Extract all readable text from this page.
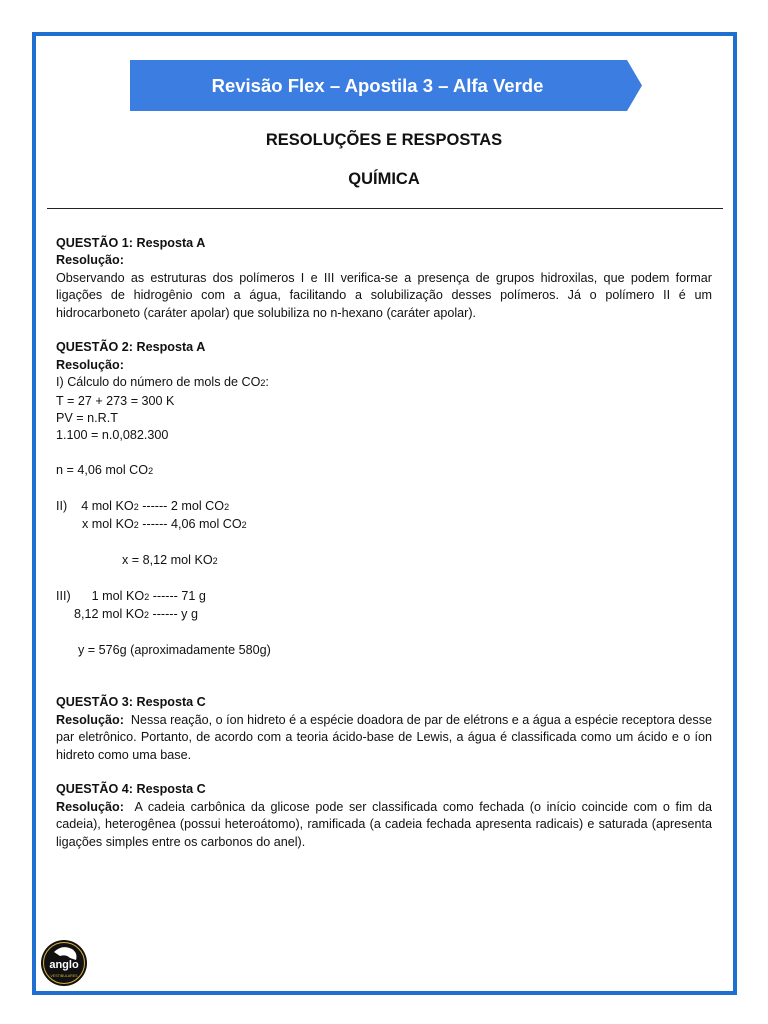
Revisão Flex – Apostila 3 – Alfa Verde
RESOLUÇÕES E RESPOSTAS
QUÍMICA

QUESTÃO 1: Resposta A

Resolução:

Observando as estruturas dos polímeros I e III verifica-se a presença de grupos hidroxilas, que podem formar ligações de hidrogênio com a água, facilitando a solubilização desses polímeros. Já o polímero II é um hidrocarboneto (caráter apolar) que solubiliza no n-hexano (caráter apolar).

QUESTÃO 2: Resposta A

Resolução:

I) Cálculo do número de mols de CO2:

T = 27 + 273 = 300 K

PV = n.R.T

1.100 = n.0,082.300

n = 4,06 mol CO2

II)    4 mol KO2 ------ 2 mol CO2

x mol KO2 ------ 4,06 mol CO2

x = 8,12 mol KO2

III)      1 mol KO2 ------ 71 g

8,12 mol KO2 ------ y g

y = 576g (aproximadamente 580g)

QUESTÃO 3: Resposta C

Resolução: Nessa reação, o íon hidreto é a espécie doadora de par de elétrons e a água a espécie receptora desse par eletrônico. Portanto, de acordo com a teoria ácido-base de Lewis, a água é classificada como um ácido e o íon hidreto como uma base.

QUESTÃO 4: Resposta C

Resolução: A cadeia carbônica da glicose pode ser classificada como fechada (o início coincide com o fim da cadeia), heterogênea (possui heteroátomo), ramificada (a cadeia fechada apresenta radicais) e saturada (apresenta ligações simples entre os carbonos do anel).

anglo
VESTIBULARES
